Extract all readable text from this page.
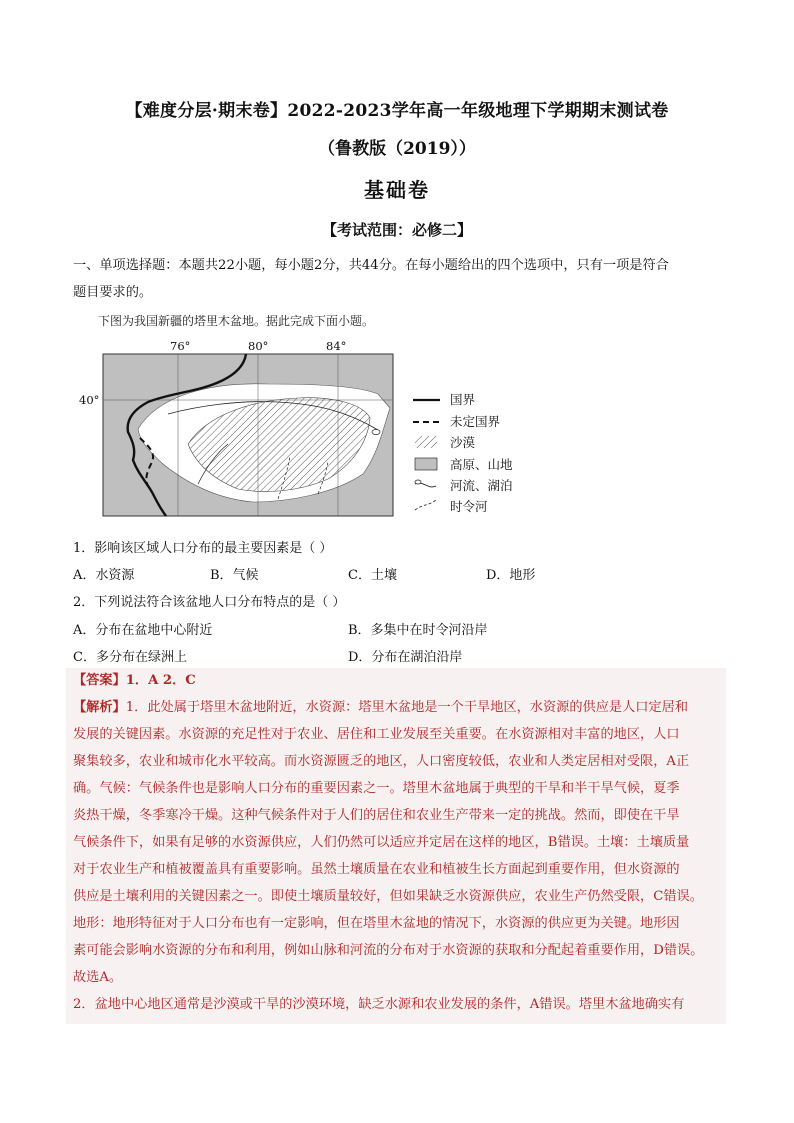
【难度分层·期末卷】2022-2023学年高一年级地理下学期期末测试卷
（鲁教版（2019））
基础卷
【考试范围：必修二】
一、单项选择题：本题共22小题，每小题2分，共44分。在每小题给出的四个选项中，只有一项是符合
题目要求的。
下图为我国新疆的塔里木盆地。据此完成下面小题。
76°	80°	84°
40°	国界
未定国界
沙漠
高原、山地
河流、湖泊
时令河
1．影响该区域人口分布的最主要因素是（ ）
A．水资源	B．气候	C．土壤	D．地形
2．下列说法符合该盆地人口分布特点的是（ ）
A．分布在盆地中心附近	B．多集中在时令河沿岸
C．多分布在绿洲上	D．分布在湖泊沿岸
【答案】1．A 2．C
【解析】1．此处属于塔里木盆地附近，水资源：塔里木盆地是一个干旱地区，水资源的供应是人口定居和
发展的关键因素。水资源的充足性对于农业、居住和工业发展至关重要。在水资源相对丰富的地区，人口
聚集较多，农业和城市化水平较高。而水资源匮乏的地区，人口密度较低，农业和人类定居相对受限，A正
确。气候：气候条件也是影响人口分布的重要因素之一。塔里木盆地属于典型的干旱和半干旱气候，夏季
炎热干燥，冬季寒冷干燥。这种气候条件对于人们的居住和农业生产带来一定的挑战。然而，即使在干旱
气候条件下，如果有足够的水资源供应，人们仍然可以适应并定居在这样的地区，B错误。土壤：土壤质量
对于农业生产和植被覆盖具有重要影响。虽然土壤质量在农业和植被生长方面起到重要作用，但水资源的
供应是土壤利用的关键因素之一。即使土壤质量较好，但如果缺乏水资源供应，农业生产仍然受限，C错误。
地形：地形特征对于人口分布也有一定影响，但在塔里木盆地的情况下，水资源的供应更为关键。地形因
素可能会影响水资源的分布和利用，例如山脉和河流的分布对于水资源的获取和分配起着重要作用，D错误。
故选A。
2．盆地中心地区通常是沙漠或干旱的沙漠环境，缺乏水源和农业发展的条件，A错误。塔里木盆地确实有
